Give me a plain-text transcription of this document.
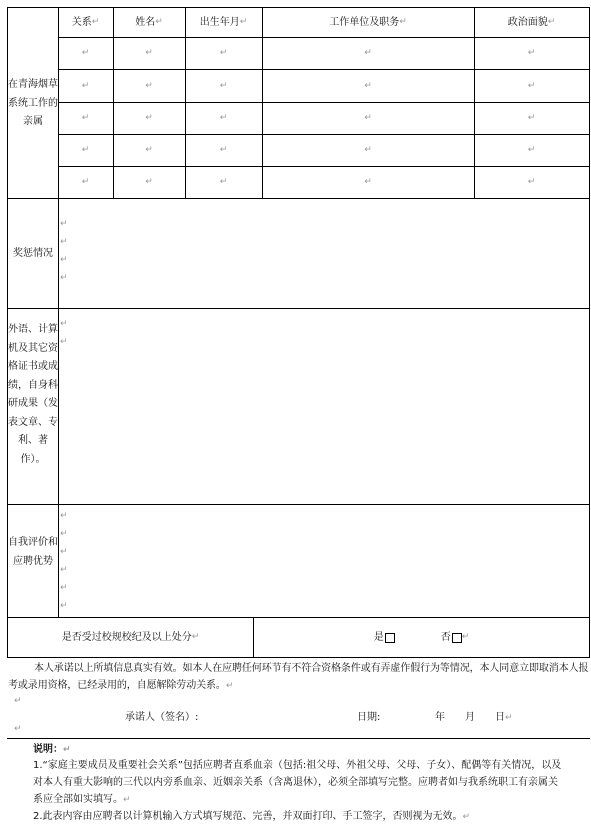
关系 ↵	姓名 ↵	出生年月 ↵	工作单位及职务 ↵	政治面貌 ↵
在青海烟草系统工作的亲属
↵	↵	↵	↵	↵
↵	↵	↵	↵	↵
↵	↵	↵	↵	↵
↵	↵	↵	↵	↵
↵	↵	↵	↵	↵
奖惩情况
↵
↵
↵
↵
外语、计算机及其它资格证书或成绩，自身科研成果（发表文章、专利、著作）。
↵
↵
自我评价和应聘优势
↵
↵
↵
↵
↵
↵
是否受过校规校纪及以上处分 ↵	是	否 ↵
本人承诺以上所填信息真实有效。如本人在应聘任何环节有不符合资格条件或有弄虚作假行为等情况，本人同意立即取消本人报考或录用资格，已经录用的，自愿解除劳动关系。↵
↵
承诺人（签名）:	日期:	年 月 日↵
↵
说明：↵
1.“家庭主要成员及重要社会关系”包括应聘者直系血亲（包括:祖父母、外祖父母、父母、子女）、配偶等有关情况，以及对本人有重大影响的三代以内旁系血亲、近姻亲关系（含离退休），必须全部填写完整。应聘者如与我系统职工有亲属关系应全部如实填写。↵
2.此表内容由应聘者以计算机输入方式填写规范、完善，并双面打印、手工签字，否则视为无效。↵
